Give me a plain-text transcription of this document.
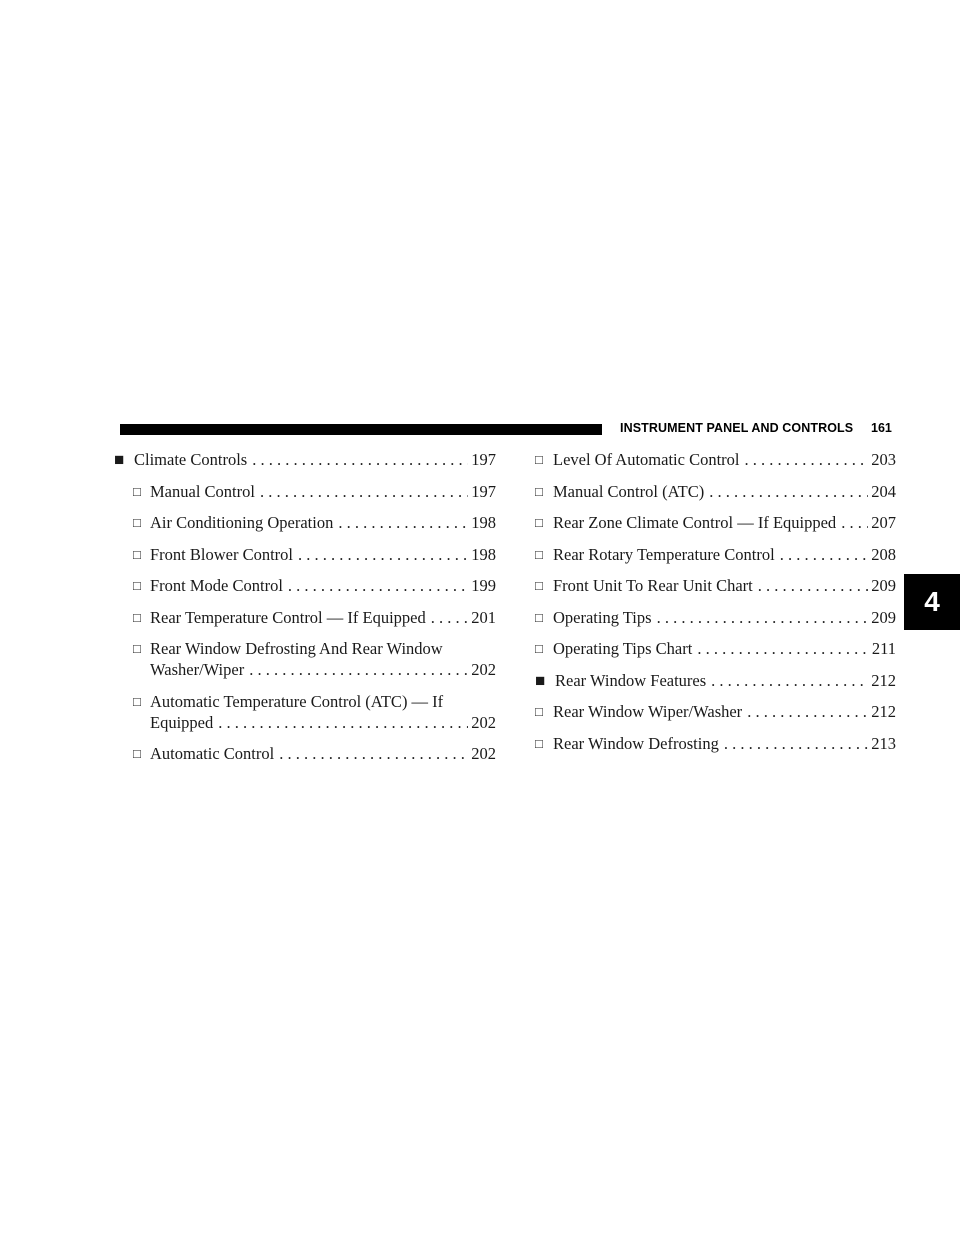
INSTRUMENT PANEL AND CONTROLS 161
4
■ Climate Controls . . .	197
□ Manual Control . . .	197
□ Air Conditioning Operation . . .	198
□ Front Blower Control . . .	198
□ Front Mode Control . . .	199
□ Rear Temperature Control — If Equipped . . .	201
□ Rear Window Defrosting And Rear Window
Washer/Wiper . . .	202
□ Automatic Temperature Control (ATC) — If
Equipped . . .	202
□ Automatic Control . . .	202
□ Level Of Automatic Control . . .	203
□ Manual Control (ATC) . . .	204
□ Rear Zone Climate Control — If Equipped . . . 207
□ Rear Rotary Temperature Control . . .	208
□ Front Unit To Rear Unit Chart . . .	209
□ Operating Tips . . .	209
□ Operating Tips Chart . . .	211
■ Rear Window Features . . .	212
□ Rear Window Wiper/Washer . . .	212
□ Rear Window Defrosting . . .	213
